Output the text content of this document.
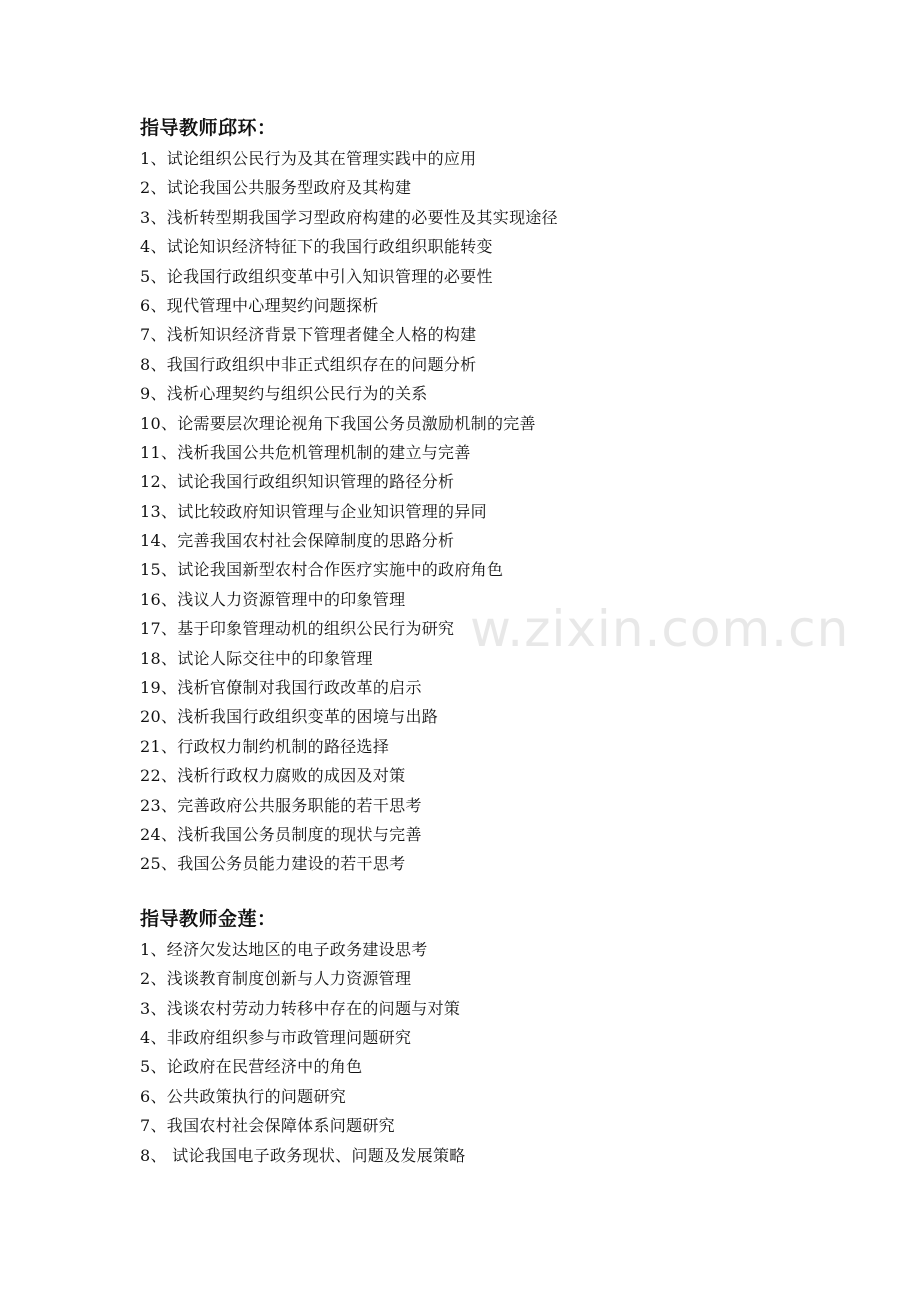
指导教师邱环：
1、试论组织公民行为及其在管理实践中的应用
2、试论我国公共服务型政府及其构建
3、浅析转型期我国学习型政府构建的必要性及其实现途径
4、试论知识经济特征下的我国行政组织职能转变
5、论我国行政组织变革中引入知识管理的必要性
6、现代管理中心理契约问题探析
7、浅析知识经济背景下管理者健全人格的构建
8、我国行政组织中非正式组织存在的问题分析
9、浅析心理契约与组织公民行为的关系
10、论需要层次理论视角下我国公务员激励机制的完善
11、浅析我国公共危机管理机制的建立与完善
12、试论我国行政组织知识管理的路径分析
13、试比较政府知识管理与企业知识管理的异同
14、完善我国农村社会保障制度的思路分析
15、试论我国新型农村合作医疗实施中的政府角色
16、浅议人力资源管理中的印象管理
17、基于印象管理动机的组织公民行为研究
18、试论人际交往中的印象管理
19、浅析官僚制对我国行政改革的启示
20、浅析我国行政组织变革的困境与出路
21、行政权力制约机制的路径选择
22、浅析行政权力腐败的成因及对策
23、完善政府公共服务职能的若干思考
24、浅析我国公务员制度的现状与完善
25、我国公务员能力建设的若干思考
指导教师金莲：
1、经济欠发达地区的电子政务建设思考
2、浅谈教育制度创新与人力资源管理
3、浅谈农村劳动力转移中存在的问题与对策
4、非政府组织参与市政管理问题研究
5、论政府在民营经济中的角色
6、公共政策执行的问题研究
7、我国农村社会保障体系问题研究
8、 试论我国电子政务现状、问题及发展策略
w.zixin.com.cn
